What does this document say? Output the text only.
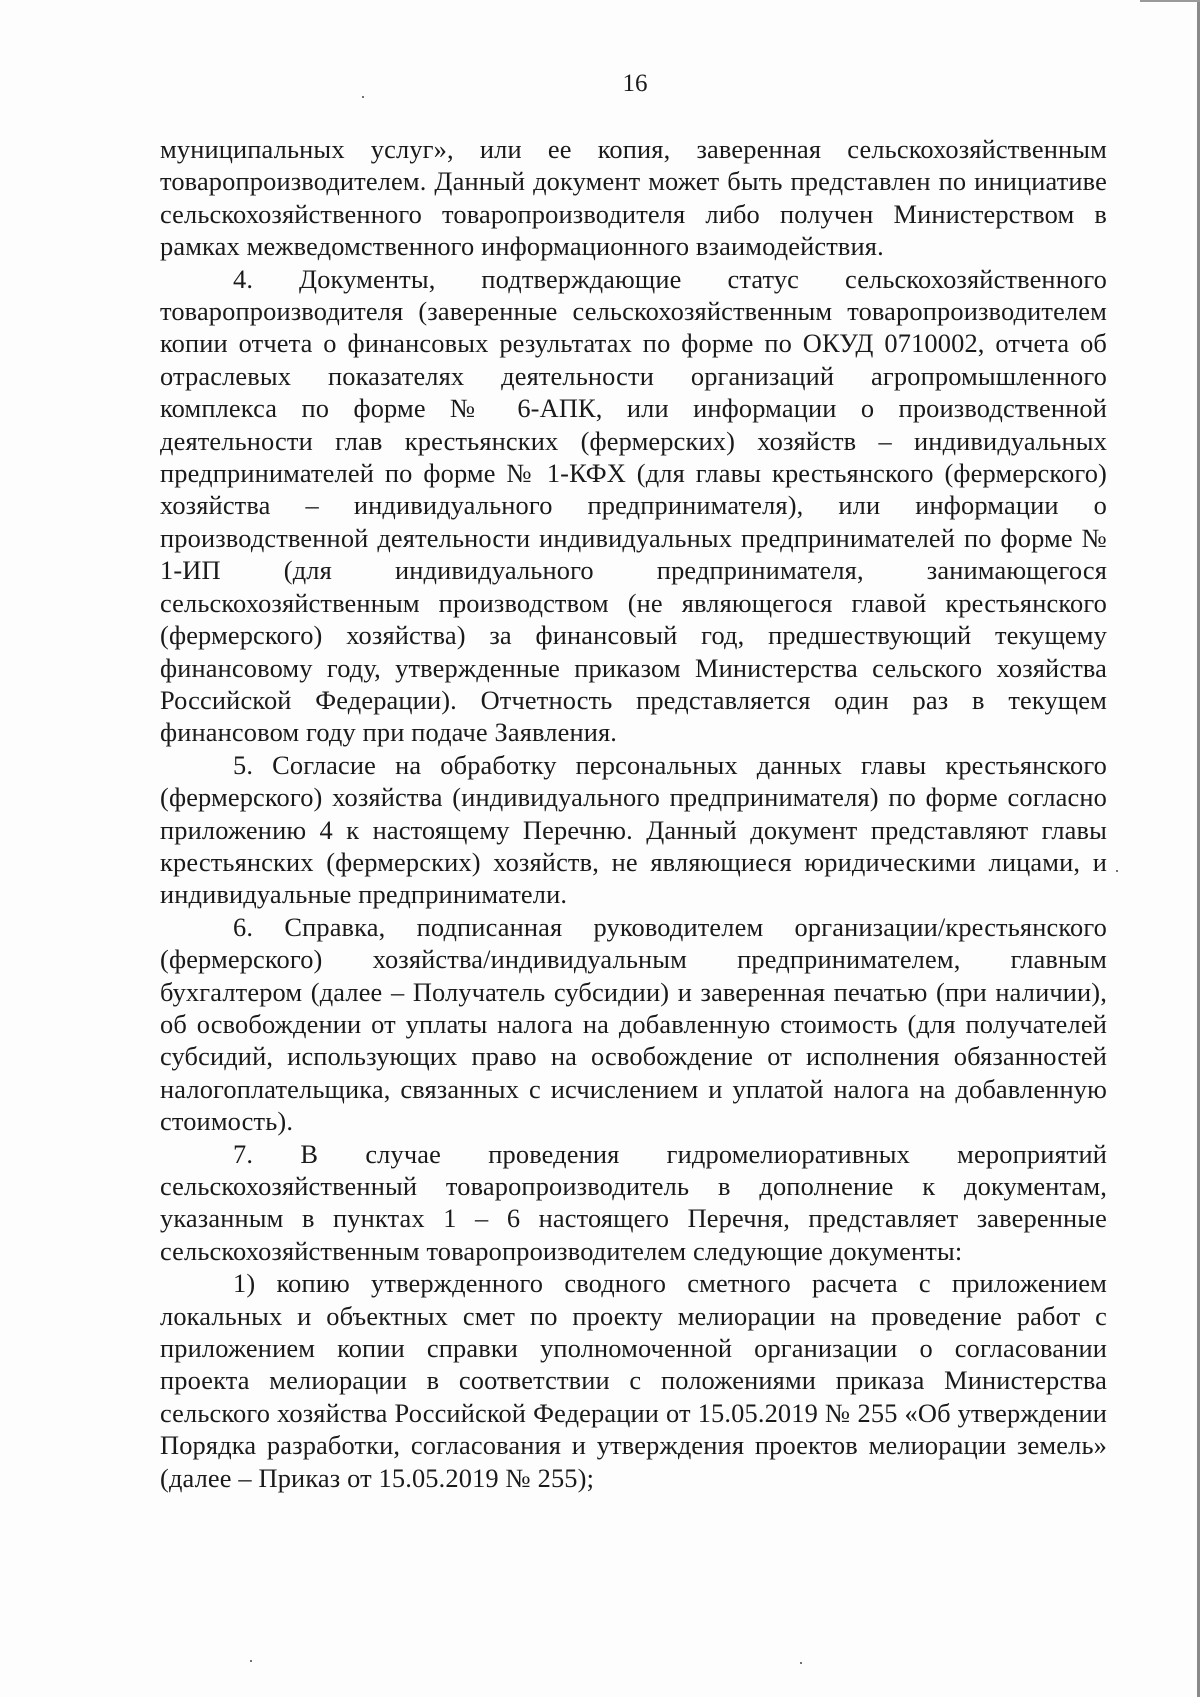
16

муниципальных услуг», или ее копия, заверенная сельскохозяйственным товаропроизводителем. Данный документ может быть представлен по инициативе сельскохозяйственного товаропроизводителя либо получен Министерством в рамках межведомственного информационного взаимодействия.

4. Документы, подтверждающие статус сельскохозяйственного товаропроизводителя (заверенные сельскохозяйственным товаропроизводителем копии отчета о финансовых результатах по форме по ОКУД 0710002, отчета об отраслевых показателях деятельности организаций агропромышленного комплекса по форме № 6-АПК, или информации о производственной деятельности глав крестьянских (фермерских) хозяйств – индивидуальных предпринимателей по форме № 1-КФХ (для главы крестьянского (фермерского) хозяйства – индивидуального предпринимателя), или информации о производственной деятельности индивидуальных предпринимателей по форме № 1-ИП (для индивидуального предпринимателя, занимающегося сельскохозяйственным производством (не являющегося главой крестьянского (фермерского) хозяйства) за финансовый год, предшествующий текущему финансовому году, утвержденные приказом Министерства сельского хозяйства Российской Федерации). Отчетность представляется один раз в текущем финансовом году при подаче Заявления.

5. Согласие на обработку персональных данных главы крестьянского (фермерского) хозяйства (индивидуального предпринимателя) по форме согласно приложению 4 к настоящему Перечню. Данный документ представляют главы крестьянских (фермерских) хозяйств, не являющиеся юридическими лицами, и индивидуальные предприниматели.

6. Справка, подписанная руководителем организации/крестьянского (фермерского) хозяйства/индивидуальным предпринимателем, главным бухгалтером (далее – Получатель субсидии) и заверенная печатью (при наличии), об освобождении от уплаты налога на добавленную стоимость (для получателей субсидий, использующих право на освобождение от исполнения обязанностей налогоплательщика, связанных с исчислением и уплатой налога на добавленную стоимость).

7. В случае проведения гидромелиоративных мероприятий сельскохозяйственный товаропроизводитель в дополнение к документам, указанным в пунктах 1 – 6 настоящего Перечня, представляет заверенные сельскохозяйственным товаропроизводителем следующие документы:

1) копию утвержденного сводного сметного расчета с приложением локальных и объектных смет по проекту мелиорации на проведение работ с приложением копии справки уполномоченной организации о согласовании проекта мелиорации в соответствии с положениями приказа Министерства сельского хозяйства Российской Федерации от 15.05.2019 № 255 «Об утверждении Порядка разработки, согласования и утверждения проектов мелиорации земель» (далее – Приказ от 15.05.2019 № 255);
